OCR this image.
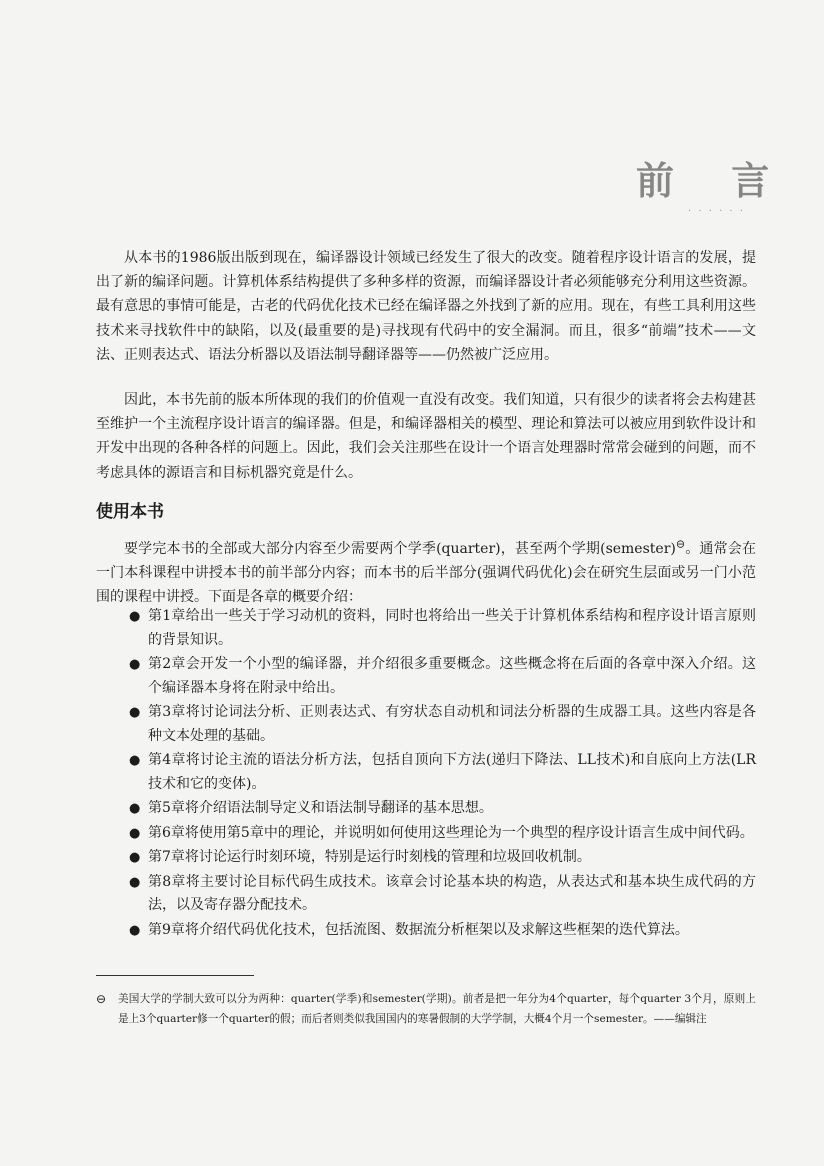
前 言
· · · · · ·

从本书的1986版出版到现在，编译器设计领域已经发生了很大的改变。随着程序设计语言的发展，提出了新的编译问题。计算机体系结构提供了多种多样的资源，而编译器设计者必须能够充分利用这些资源。最有意思的事情可能是，古老的代码优化技术已经在编译器之外找到了新的应用。现在，有些工具利用这些技术来寻找软件中的缺陷，以及(最重要的是)寻找现有代码中的安全漏洞。而且，很多“前端”技术——文法、正则表达式、语法分析器以及语法制导翻译器等——仍然被广泛应用。

因此，本书先前的版本所体现的我们的价值观一直没有改变。我们知道，只有很少的读者将会去构建甚至维护一个主流程序设计语言的编译器。但是，和编译器相关的模型、理论和算法可以被应用到软件设计和开发中出现的各种各样的问题上。因此，我们会关注那些在设计一个语言处理器时常常会碰到的问题，而不考虑具体的源语言和目标机器究竟是什么。

使用本书

要学完本书的全部或大部分内容至少需要两个学季(quarter)，甚至两个学期(semester)⊖。通常会在一门本科课程中讲授本书的前半部分内容；而本书的后半部分(强调代码优化)会在研究生层面或另一门小范围的课程中讲授。下面是各章的概要介绍：

● 第1章给出一些关于学习动机的资料，同时也将给出一些关于计算机体系结构和程序设计语言原则的背景知识。
● 第2章会开发一个小型的编译器，并介绍很多重要概念。这些概念将在后面的各章中深入介绍。这个编译器本身将在附录中给出。
● 第3章将讨论词法分析、正则表达式、有穷状态自动机和词法分析器的生成器工具。这些内容是各种文本处理的基础。
● 第4章将讨论主流的语法分析方法，包括自顶向下方法(递归下降法、LL技术)和自底向上方法(LR技术和它的变体)。
● 第5章将介绍语法制导定义和语法制导翻译的基本思想。
● 第6章将使用第5章中的理论，并说明如何使用这些理论为一个典型的程序设计语言生成中间代码。
● 第7章将讨论运行时刻环境，特别是运行时刻栈的管理和垃圾回收机制。
● 第8章将主要讨论目标代码生成技术。该章会讨论基本块的构造，从表达式和基本块生成代码的方法，以及寄存器分配技术。
● 第9章将介绍代码优化技术，包括流图、数据流分析框架以及求解这些框架的迭代算法。
⊖ 美国大学的学制大致可以分为两种：quarter(学季)和semester(学期)。前者是把一年分为4个quarter，每个quarter 3个月，原则上是上3个quarter修一个quarter的假；而后者则类似我国国内的寒暑假制的大学学制，大概4个月一个semester。——编辑注
